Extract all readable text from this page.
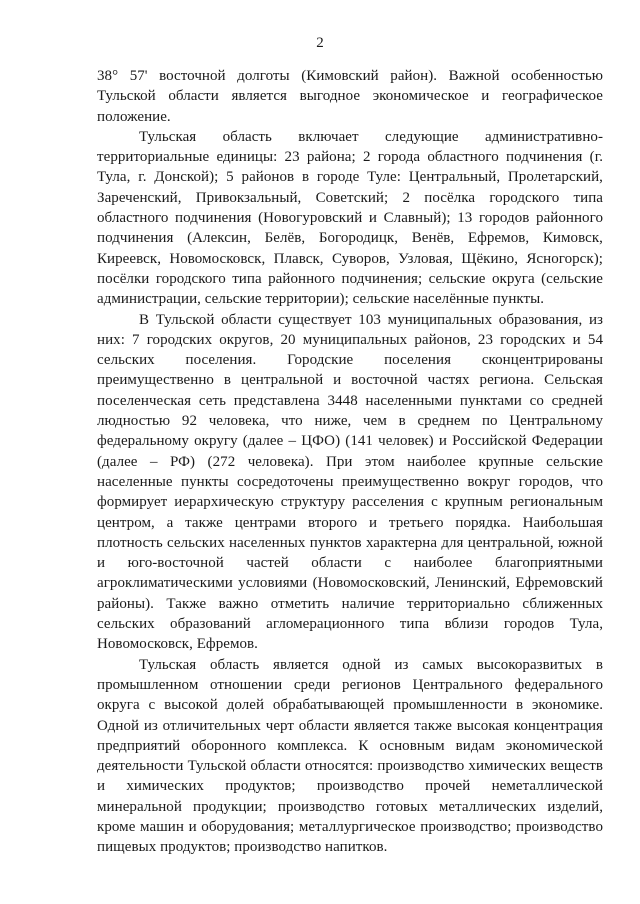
2

38° 57' восточной долготы (Кимовский район). Важной особенностью Тульской области является выгодное экономическое и географическое положение.

Тульская область включает следующие административно-территориальные единицы: 23 района; 2 города областного подчинения (г. Тула, г. Донской); 5 районов в городе Туле: Центральный, Пролетарский, Зареченский, Привокзальный, Советский; 2 посёлка городского типа областного подчинения (Новогуровский и Славный); 13 городов районного подчинения (Алексин, Белёв, Богородицк, Венёв, Ефремов, Кимовск, Киреевск, Новомосковск, Плавск, Суворов, Узловая, Щёкино, Ясногорск); посёлки городского типа районного подчинения; сельские округа (сельские администрации, сельские территории); сельские населённые пункты.

В Тульской области существует 103 муниципальных образования, из них: 7 городских округов, 20 муниципальных районов, 23 городских и 54 сельских поселения. Городские поселения сконцентрированы преимущественно в центральной и восточной частях региона. Сельская поселенческая сеть представлена 3448 населенными пунктами со средней людностью 92 человека, что ниже, чем в среднем по Центральному федеральному округу (далее – ЦФО) (141 человек) и Российской Федерации (далее – РФ) (272 человека). При этом наиболее крупные сельские населенные пункты сосредоточены преимущественно вокруг городов, что формирует иерархическую структуру расселения с крупным региональным центром, а также центрами второго и третьего порядка. Наибольшая плотность сельских населенных пунктов характерна для центральной, южной и юго-восточной частей области с наиболее благоприятными агроклиматическими условиями (Новомосковский, Ленинский, Ефремовский районы). Также важно отметить наличие территориально сближенных сельских образований агломерационного типа вблизи городов Тула, Новомосковск, Ефремов.

Тульская область является одной из самых высокоразвитых в промышленном отношении среди регионов Центрального федерального округа с высокой долей обрабатывающей промышленности в экономике. Одной из отличительных черт области является также высокая концентрация предприятий оборонного комплекса. К основным видам экономической деятельности Тульской области относятся: производство химических веществ и химических продуктов; производство прочей неметаллической минеральной продукции; производство готовых металлических изделий, кроме машин и оборудования; металлургическое производство; производство пищевых продуктов; производство напитков.
